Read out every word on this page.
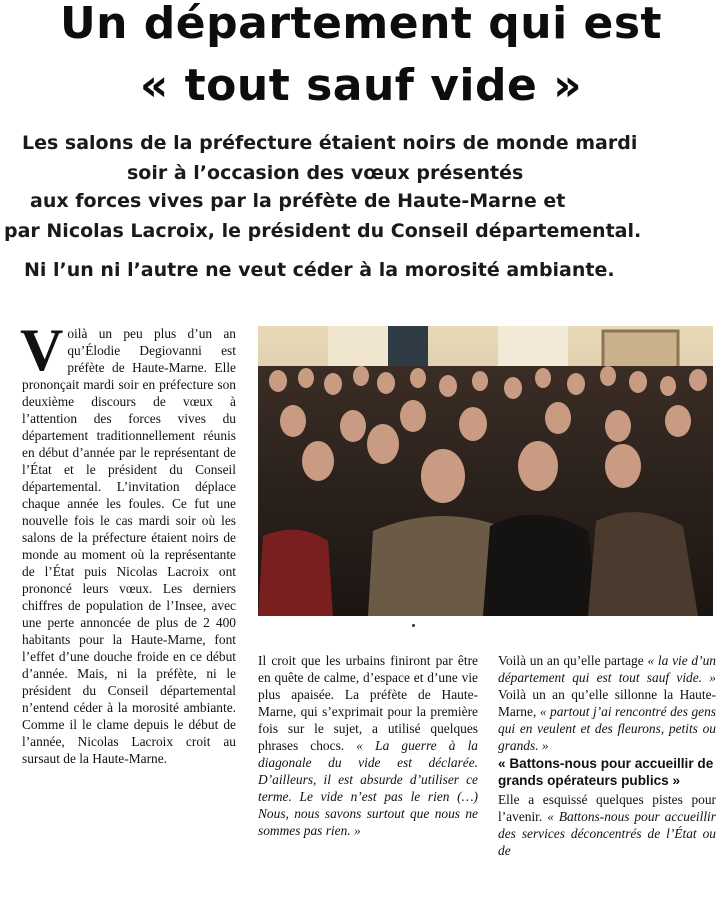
Un département qui est
« tout sauf vide »
Les salons de la préfecture étaient noirs de monde mardi
soir à l’occasion des vœux présentés
aux forces vives par la préfète de Haute-Marne et
par Nicolas Lacroix, le président du Conseil départemental.
Ni l’un ni l’autre ne veut céder à la morosité ambiante.

Voilà un peu plus d’un an qu’Élodie Degiovanni est préfète de Haute-Marne. Elle prononçait mardi soir en préfecture son deuxième discours de vœux à l’attention des forces vives du département traditionnellement réunis en début d’année par le représentant de l’État et le président du Conseil départemental. L’invitation déplace chaque année les foules. Ce fut une nouvelle fois le cas mardi soir où les salons de la préfecture étaient noirs de monde au moment où la représentante de l’État puis Nicolas Lacroix ont prononcé leurs vœux. Les derniers chiffres de population de l’Insee, avec une perte annoncée de plus de 2 400 habitants pour la Haute-Marne, font l’effet d’une douche froide en ce début d’année. Mais, ni la préfète, ni le président du Conseil départemental n’entend céder à la morosité ambiante. Comme il le clame depuis le début de l’année, Nicolas Lacroix croit au sursaut de la Haute-Marne.

Il croit que les urbains finiront par être en quête de calme, d’espace et d’une vie plus apaisée. La préfète de Haute-Marne, qui s’exprimait pour la première fois sur le sujet, a utilisé quelques phrases chocs. « La guerre à la diagonale du vide est déclarée. D’ailleurs, il est absurde d’utiliser ce terme. Le vide n’est pas le rien (…) Nous, nous savons surtout que nous ne sommes pas rien. »

Voilà un an qu’elle partage « la vie d’un département qui est tout sauf vide. » Voilà un an qu’elle sillonne la Haute-Marne, « partout j’ai rencontré des gens qui en veulent et des fleurons, petits ou grands. »

« Battons-nous pour accueillir de grands opérateurs publics »

Elle a esquissé quelques pistes pour l’avenir. « Battons-nous pour accueillir des services déconcentrés de l’État ou de
